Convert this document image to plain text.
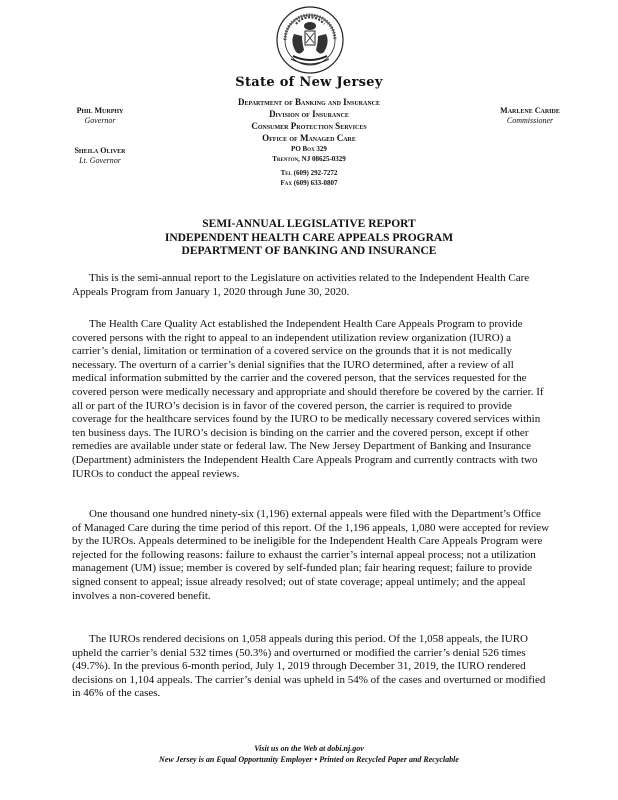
State of New Jersey
Department of Banking and Insurance
Division of Insurance
Consumer Protection Services
Office of Managed Care
PO Box 329
Trenton, NJ 08625-0329
Tel (609) 292-7272
Fax (609) 633-0807
Phil Murphy
Governor
Sheila Oliver
Lt. Governor
Marlene Caride
Commissioner
SEMI-ANNUAL LEGISLATIVE REPORT
INDEPENDENT HEALTH CARE APPEALS PROGRAM
DEPARTMENT OF BANKING AND INSURANCE

This is the semi-annual report to the Legislature on activities related to the Independent Health Care Appeals Program from January 1, 2020 through June 30, 2020.

The Health Care Quality Act established the Independent Health Care Appeals Program to provide covered persons with the right to appeal to an independent utilization review organization (IURO) a carrier’s denial, limitation or termination of a covered service on the grounds that it is not medically necessary. The overturn of a carrier’s denial signifies that the IURO determined, after a review of all medical information submitted by the carrier and the covered person, that the services requested for the covered person were medically necessary and appropriate and should therefore be covered by the carrier. If all or part of the IURO’s decision is in favor of the covered person, the carrier is required to provide coverage for the healthcare services found by the IURO to be medically necessary covered services within ten business days. The IURO’s decision is binding on the carrier and the covered person, except if other remedies are available under state or federal law. The New Jersey Department of Banking and Insurance (Department) administers the Independent Health Care Appeals Program and currently contracts with two IUROs to conduct the appeal reviews.

One thousand one hundred ninety-six (1,196) external appeals were filed with the Department’s Office of Managed Care during the time period of this report. Of the 1,196 appeals, 1,080 were accepted for review by the IUROs. Appeals determined to be ineligible for the Independent Health Care Appeals Program were rejected for the following reasons: failure to exhaust the carrier’s internal appeal process; not a utilization management (UM) issue; member is covered by self-funded plan; fair hearing request; failure to provide signed consent to appeal; issue already resolved; out of state coverage; appeal untimely; and the appeal involves a non-covered benefit.

The IUROs rendered decisions on 1,058 appeals during this period. Of the 1,058 appeals, the IURO upheld the carrier’s denial 532 times (50.3%) and overturned or modified the carrier’s denial 526 times (49.7%). In the previous 6-month period, July 1, 2019 through December 31, 2019, the IURO rendered decisions on 1,104 appeals. The carrier’s denial was upheld in 54% of the cases and overturned or modified in 46% of the cases.

Visit us on the Web at dobi.nj.gov
New Jersey is an Equal Opportunity Employer • Printed on Recycled Paper and Recyclable
